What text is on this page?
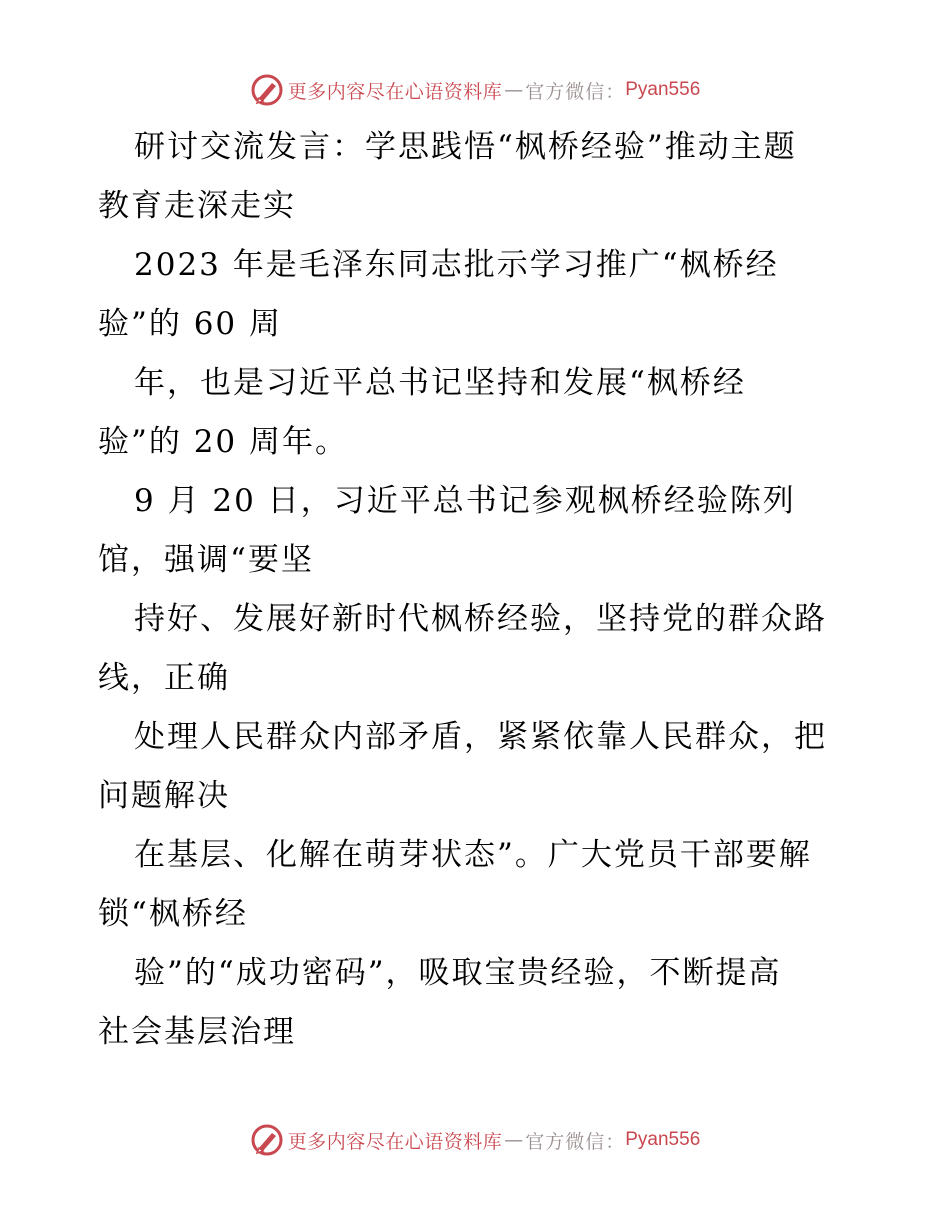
更多内容尽在心语资料库 — 官方微信： Pyan556
研讨交流发言：学思践悟“枫桥经验”推动主题
教育走深走实
2023 年是毛泽东同志批示学习推广“枫桥经
验”的 60 周
年，也是习近平总书记坚持和发展“枫桥经
验”的 20 周年。
9 月 20 日，习近平总书记参观枫桥经验陈列
馆，强调“要坚
持好、发展好新时代枫桥经验，坚持党的群众路
线，正确
处理人民群众内部矛盾，紧紧依靠人民群众，把
问题解决
在基层、化解在萌芽状态”。广大党员干部要解
锁“枫桥经
验”的“成功密码”，吸取宝贵经验，不断提高
社会基层治理
更多内容尽在心语资料库 — 官方微信： Pyan556
